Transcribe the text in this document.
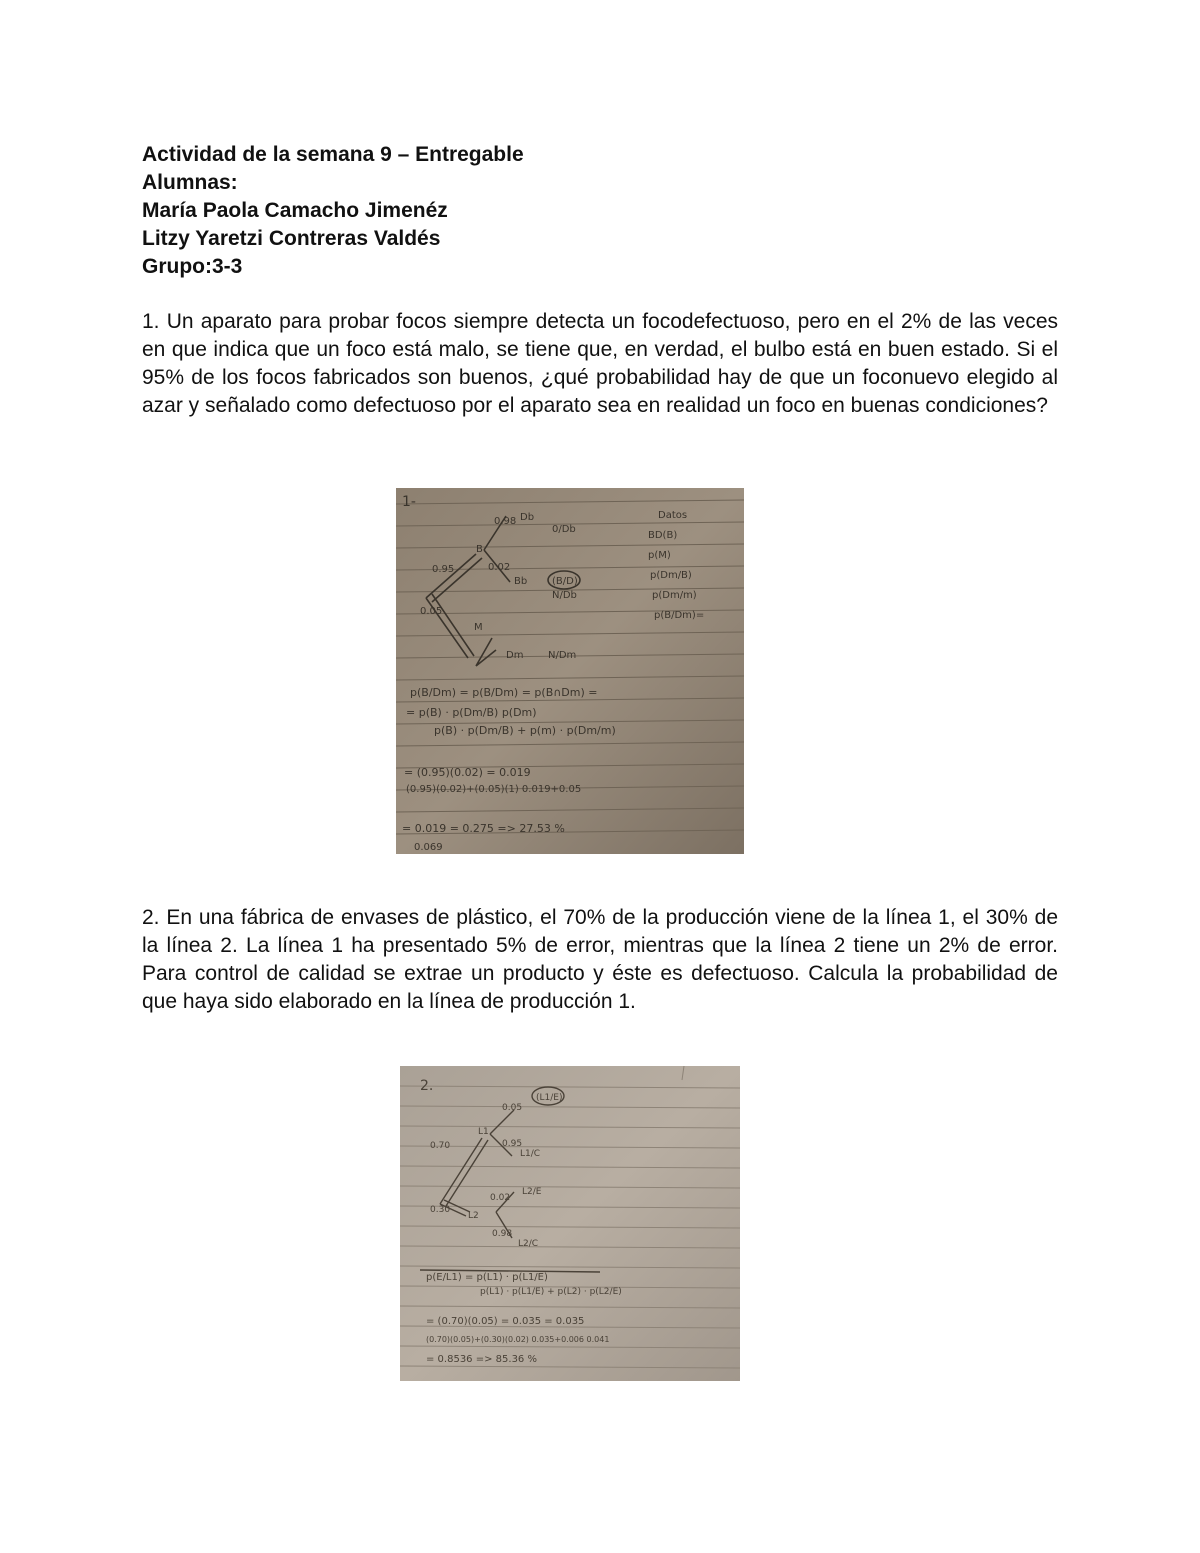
Actividad de la semana 9 – Entregable
Alumnas:
María Paola Camacho Jimenéz
Litzy Yaretzi Contreras Valdés
Grupo:3-3

1. Un aparato para probar focos siempre detecta un focodefectuoso, pero en el 2% de las veces en que indica que un foco está malo, se tiene que, en verdad, el bulbo está en buen estado. Si el 95% de los focos fabricados son buenos, ¿qué probabilidad hay de que un foconuevo elegido al azar y señalado como defectuoso por el aparato sea en realidad un foco en buenas condiciones?

1-
0.95
0.05
B
M
0.98
0.02
Db
Bb
Dm
0/Db
N/Db
N/Dm
(B/D)
Datos
BD(B)
p(M)
p(Dm/B)
p(Dm/m)
p(B/Dm)=
p(B/Dm) = p(B/Dm) = p(B∩Dm) =
= p(B) · p(Dm/B) p(Dm)
p(B) · p(Dm/B) + p(m) · p(Dm/m)
= (0.95)(0.02) = 0.019
(0.95)(0.02)+(0.05)(1) 0.019+0.05
= 0.019 = 0.275 => 27.53 %
0.069

2. En una fábrica de envases de plástico, el 70% de la producción viene de la línea 1, el 30% de la línea 2. La línea 1 ha presentado 5% de error, mientras que la línea 2 tiene un 2% de error. Para control de calidad se extrae un producto y éste es defectuoso. Calcula la probabilidad de que haya sido elaborado en la línea de producción 1.

2.
0.70
0.30
L1
L2
0.05
0.95
0.02
0.98
(L1/E)
L1/C
L2/E
L2/C
p(E/L1) = p(L1) · p(L1/E)
p(L1) · p(L1/E) + p(L2) · p(L2/E)
= (0.70)(0.05) = 0.035 = 0.035
(0.70)(0.05)+(0.30)(0.02) 0.035+0.006 0.041
= 0.8536 => 85.36 %
